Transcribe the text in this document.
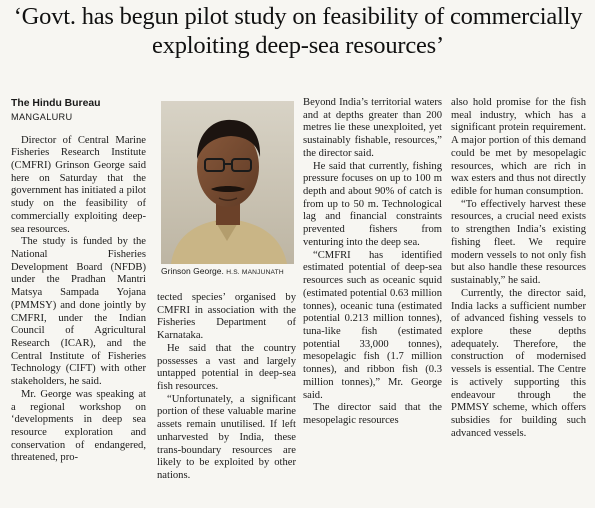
‘Govt. has begun pilot study on feasibility of commercially exploiting deep-sea resources’

The Hindu Bureau

MANGALURU

Director of Central Marine Fisheries Research Institute (CMFRI) Grinson George said here on Saturday that the government has initiated a pilot study on the feasibility of commercially exploiting deep-sea resources.

The study is funded by the National Fisheries Development Board (NFDB) under the Pradhan Mantri Matsya Sampada Yojana (PMMSY) and done jointly by CMFRI, under the Indian Council of Agricultural Research (ICAR), and the Central Institute of Fisheries Technology (CIFT) with other stakeholders, he said.

Mr. George was speaking at a regional workshop on ‘developments in deep sea resource exploration and conservation of endangered, threatened, pro-

Grinson George. H.S. MANJUNATH

tected species’ organised by CMFRI in association with the Fisheries Department of Karnataka.

He said that the country possesses a vast and largely untapped potential in deep-sea fish resources.

“Unfortunately, a significant portion of these valuable marine assets remain unutilised. If left unharvested by India, these trans-boundary resources are likely to be exploited by other nations.

Beyond India’s territorial waters and at depths greater than 200 metres lie these unexploited, yet sustainably fishable, resources,” the director said.

He said that currently, fishing pressure focuses on up to 100 m depth and about 90% of catch is from up to 50 m. Technological lag and financial constraints prevented fishers from venturing into the deep sea.

“CMFRI has identified estimated potential of deep-sea resources such as oceanic squid (estimated potential 0.63 million tonnes), oceanic tuna (estimated potential 0.213 million tonnes), tuna-like fish (estimated potential 33,000 tonnes), mesopelagic fish (1.7 million tonnes), and ribbon fish (0.3 million tonnes),” Mr. George said.

The director said that the mesopelagic resources

also hold promise for the fish meal industry, which has a significant protein requirement. A major portion of this demand could be met by mesopelagic resources, which are rich in wax esters and thus not directly edible for human consumption.

“To effectively harvest these resources, a crucial need exists to strengthen India’s existing fishing fleet. We require modern vessels to not only fish but also handle these resources sustainably,” he said.

Currently, the director said, India lacks a sufficient number of advanced fishing vessels to explore these depths adequately. Therefore, the construction of modernised vessels is essential. The Centre is actively supporting this endeavour through the PMMSY scheme, which offers subsidies for building such advanced vessels.
